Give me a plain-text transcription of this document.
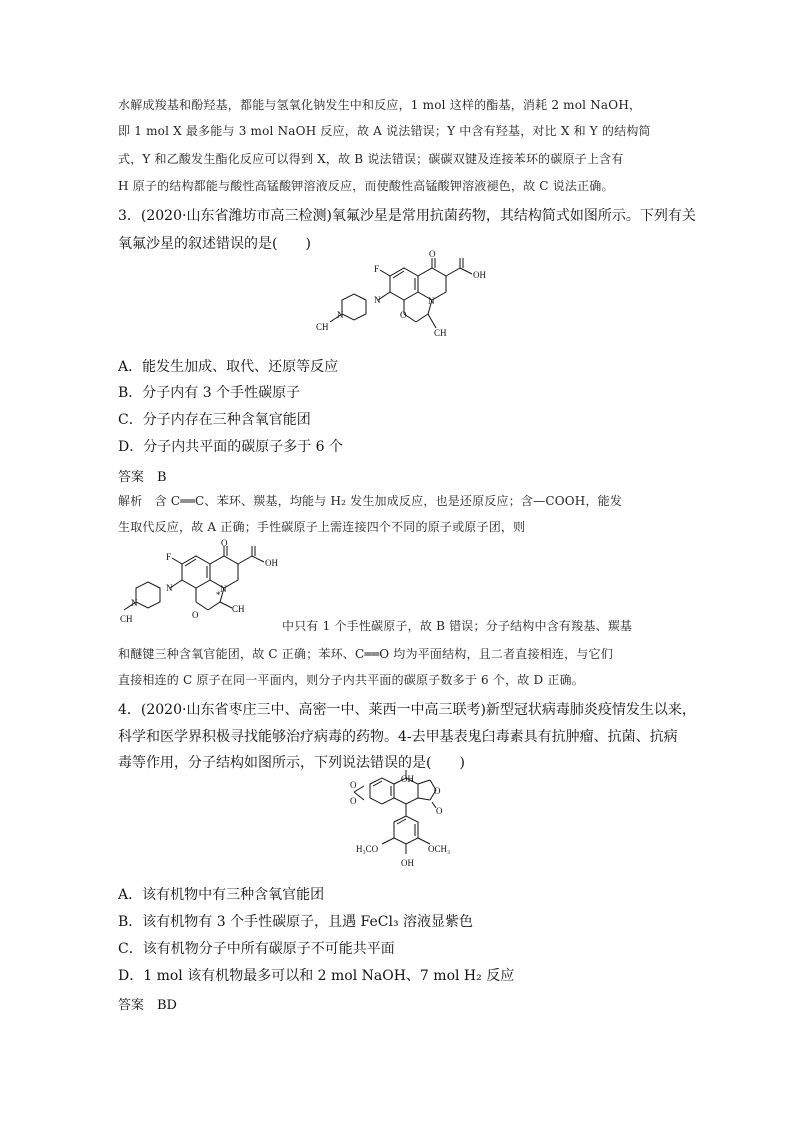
水解成羧基和酚羟基，都能与氢氧化钠发生中和反应，1 mol 这样的酯基，消耗 2 mol NaOH，
即 1 mol X 最多能与 3 mol NaOH 反应，故 A 说法错误；Y 中含有羟基，对比 X 和 Y 的结构简
式，Y 和乙酸发生酯化反应可以得到 X，故 B 说法错误；碳碳双键及连接苯环的碳原子上含有
H 原子的结构都能与酸性高锰酸钾溶液反应，而使酸性高锰酸钾溶液褪色，故 C 说法正确。
3．(2020·山东省潍坊市高三检测)氧氟沙星是常用抗菌药物，其结构简式如图所示。下列有关
氧氟沙星的叙述错误的是(　　)
F
O
OH
N
N
O
N
CH
CH
A．能发生加成、取代、还原等反应
B．分子内有 3 个手性碳原子
C．分子内存在三种含氧官能团
D．分子内共平面的碳原子多于 6 个
答案　B
解析　含 C══C、苯环、羰基，均能与 H₂ 发生加成反应，也是还原反应；含—COOH，能发
生取代反应，故 A 正确；手性碳原子上需连接四个不同的原子或原子团，则
F
O
OH
N
N
O
N
*
CH
CH	中只有 1 个手性碳原子，故 B 错误；分子结构中含有羧基、羰基
和醚键三种含氧官能团，故 C 正确；苯环、C══O 均为平面结构，且二者直接相连，与它们
直接相连的 C 原子在同一平面内，则分子内共平面的碳原子数多于 6 个，故 D 正确。
4．(2020·山东省枣庄三中、高密一中、莱西一中高三联考)新型冠状病毒肺炎疫情发生以来，
科学和医学界积极寻找能够治疗病毒的药物。4-去甲基表鬼臼毒素具有抗肿瘤、抗菌、抗病
毒等作用，分子结构如图所示，下列说法错误的是(　　)
OH
O
O
O
O
H₃CO	OCH₃
OH
A．该有机物中有三种含氧官能团
B．该有机物有 3 个手性碳原子，且遇 FeCl₃ 溶液显紫色
C．该有机物分子中所有碳原子不可能共平面
D．1 mol 该有机物最多可以和 2 mol NaOH、7 mol H₂ 反应
答案　BD
